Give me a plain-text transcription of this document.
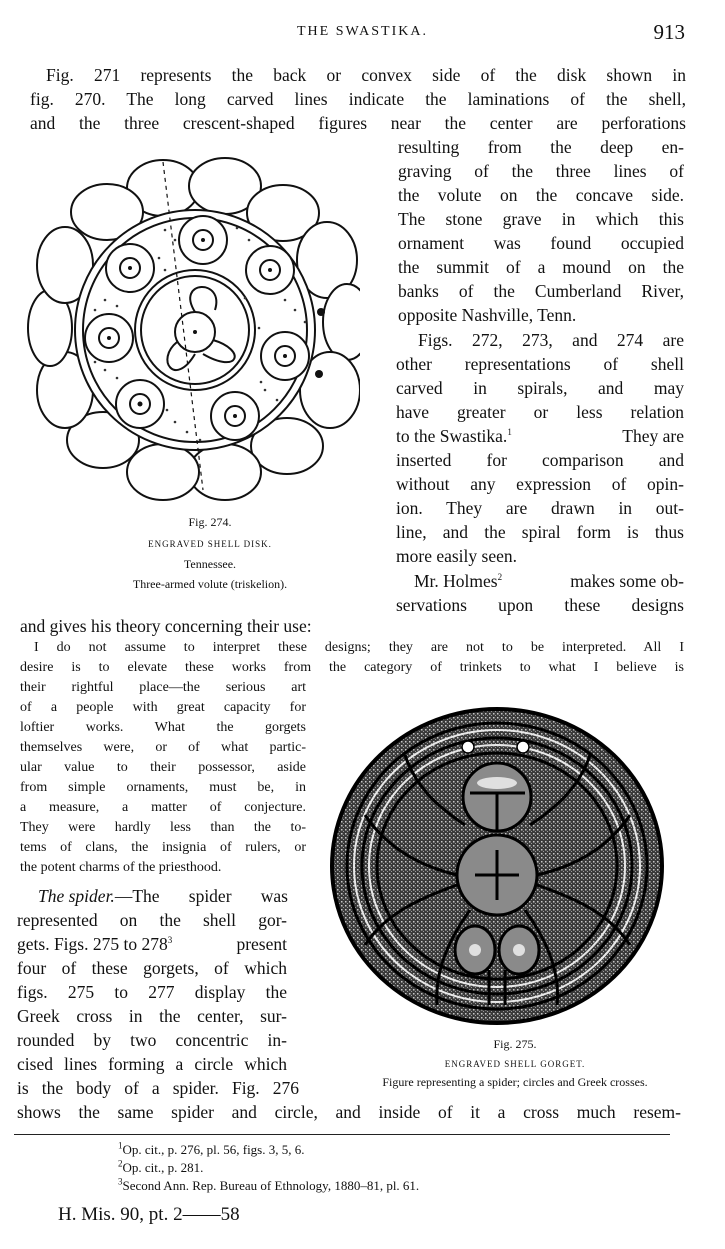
THE SWASTIKA.	913
Fig. 271 represents the back or convex side of the disk shown in
fig. 270. The long carved lines indicate the laminations of the shell,
and the three crescent-shaped figures near the center are perforations
resulting from the deep en-
graving of the three lines of
the volute on the concave side.
The stone grave in which this
ornament was found occupied
the summit of a mound on the
banks of the Cumberland River,
opposite Nashville, Tenn.
Figs. 272, 273, and 274 are
other representations of shell
carved in spirals, and may
have greater or less relation
to the Swastika.$^1$	They are
inserted for comparison and
without any expression of opin-
ion. They are drawn in out-
line, and the spiral form is thus
more easily seen.
Mr. Holmes$^2$	makes some ob-
servations upon these designs
Fig. 274.
ENGRAVED SHELL DISK.
Tennessee.
Three-armed volute (triskelion).
and gives his theory concerning their use:
I do not assume to interpret these designs; they are not to be interpreted. All I
desire is to elevate these works from the category of trinkets to what I believe is
their rightful place—the serious art
of a people with great capacity for
loftier works. What the gorgets
themselves were, or of what partic-
ular value to their possessor, aside
from simple ornaments, must be, in
a measure, a matter of conjecture.
They were hardly less than the to-
tems of clans, the insignia of rulers, or
the potent charms of the priesthood.
The spider. —The spider was
represented on the shell gor-
gets. Figs. 275 to $278^3$	present
four of these gorgets, of which
figs. 275 to 277 display the
Greek cross in the center, sur-
rounded by two concentric in-
cised lines forming a circle which
is the body of a spider. Fig. 276
shows the same spider and circle, and inside of it a cross much resem-
Fig. 275.
ENGRAVED SHELL GORGET.
Figure representing a spider; circles and Greek crosses.
$^1$Op. cit., p. 276, pl. 56, figs. 3, 5, 6.
$^2$Op. cit., p. 281.
$^3$Second Ann. Rep. Bureau of Ethnology, 1880–81, pl. 61.
H. Mis. 90, pt. 2——58
